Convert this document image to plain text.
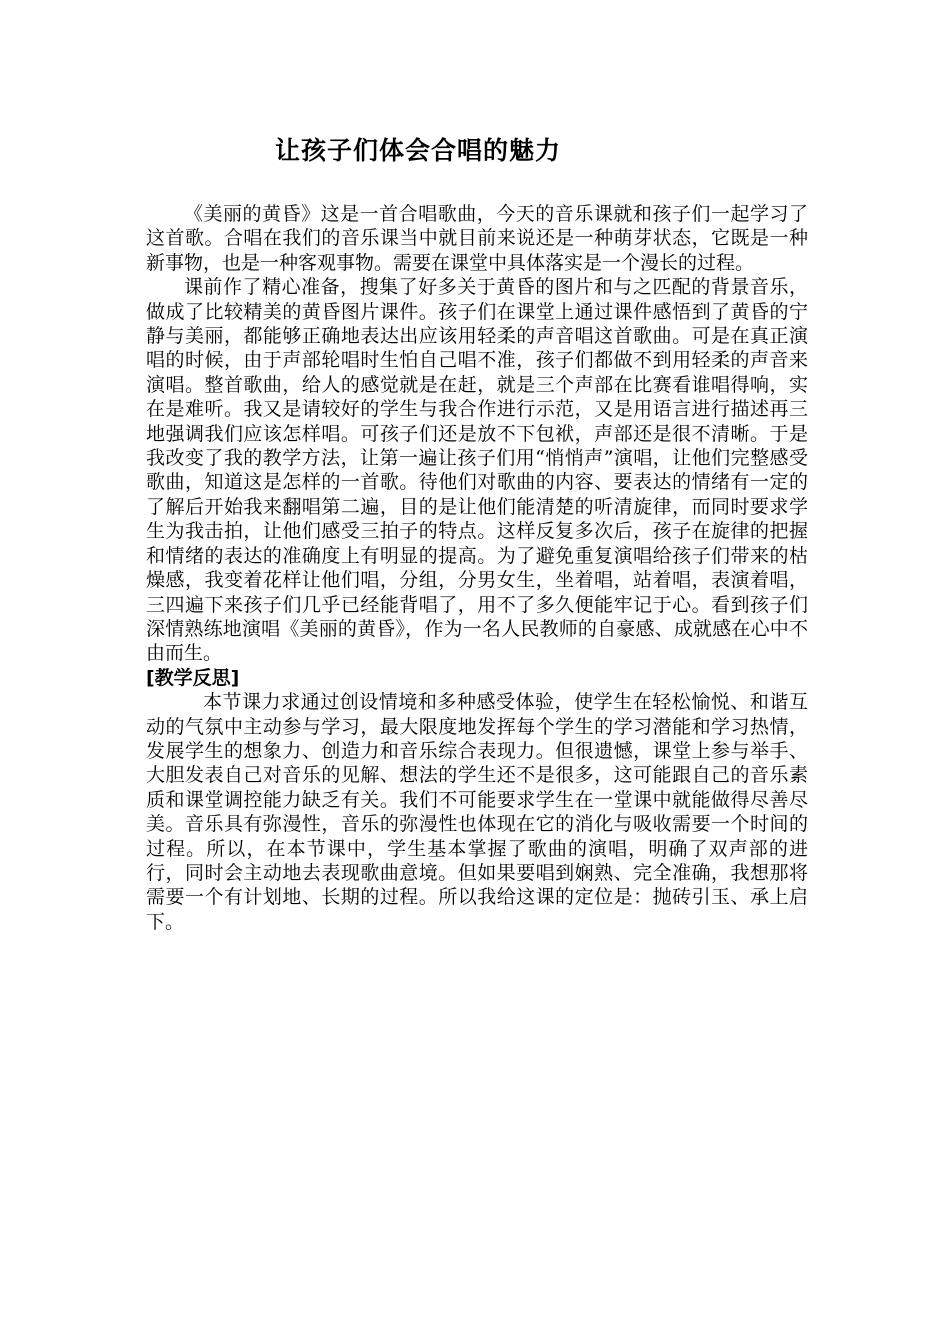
让孩子们体会合唱的魅力

《美丽的黄昏》这是一首合唱歌曲，今天的音乐课就和孩子们一起学习了这首歌。合唱在我们的音乐课当中就目前来说还是一种萌芽状态，它既是一种新事物，也是一种客观事物。需要在课堂中具体落实是一个漫长的过程。

课前作了精心准备，搜集了好多关于黄昏的图片和与之匹配的背景音乐，做成了比较精美的黄昏图片课件。孩子们在课堂上通过课件感悟到了黄昏的宁静与美丽，都能够正确地表达出应该用轻柔的声音唱这首歌曲。可是在真正演唱的时候，由于声部轮唱时生怕自己唱不准，孩子们都做不到用轻柔的声音来演唱。整首歌曲，给人的感觉就是在赶，就是三个声部在比赛看谁唱得响，实在是难听。我又是请较好的学生与我合作进行示范，又是用语言进行描述再三地强调我们应该怎样唱。可孩子们还是放不下包袱，声部还是很不清晰。于是我改变了我的教学方法，让第一遍让孩子们用“悄悄声”演唱，让他们完整感受歌曲，知道这是怎样的一首歌。待他们对歌曲的内容、要表达的情绪有一定的了解后开始我来翻唱第二遍，目的是让他们能清楚的听清旋律，而同时要求学生为我击拍，让他们感受三拍子的特点。这样反复多次后，孩子在旋律的把握和情绪的表达的准确度上有明显的提高。为了避免重复演唱给孩子们带来的枯燥感，我变着花样让他们唱，分组，分男女生，坐着唱，站着唱，表演着唱，三四遍下来孩子们几乎已经能背唱了，用不了多久便能牢记于心。看到孩子们深情熟练地演唱《美丽的黄昏》，作为一名人民教师的自豪感、成就感在心中不由而生。

[教学反思]

本节课力求通过创设情境和多种感受体验，使学生在轻松愉悦、和谐互动的气氛中主动参与学习，最大限度地发挥每个学生的学习潜能和学习热情，发展学生的想象力、创造力和音乐综合表现力。但很遗憾，课堂上参与举手、大胆发表自己对音乐的见解、想法的学生还不是很多，这可能跟自己的音乐素质和课堂调控能力缺乏有关。我们不可能要求学生在一堂课中就能做得尽善尽美。音乐具有弥漫性，音乐的弥漫性也体现在它的消化与吸收需要一个时间的过程。所以，在本节课中，学生基本掌握了歌曲的演唱，明确了双声部的进行，同时会主动地去表现歌曲意境。但如果要唱到娴熟、完全准确，我想那将需要一个有计划地、长期的过程。所以我给这课的定位是：抛砖引玉、承上启下。
